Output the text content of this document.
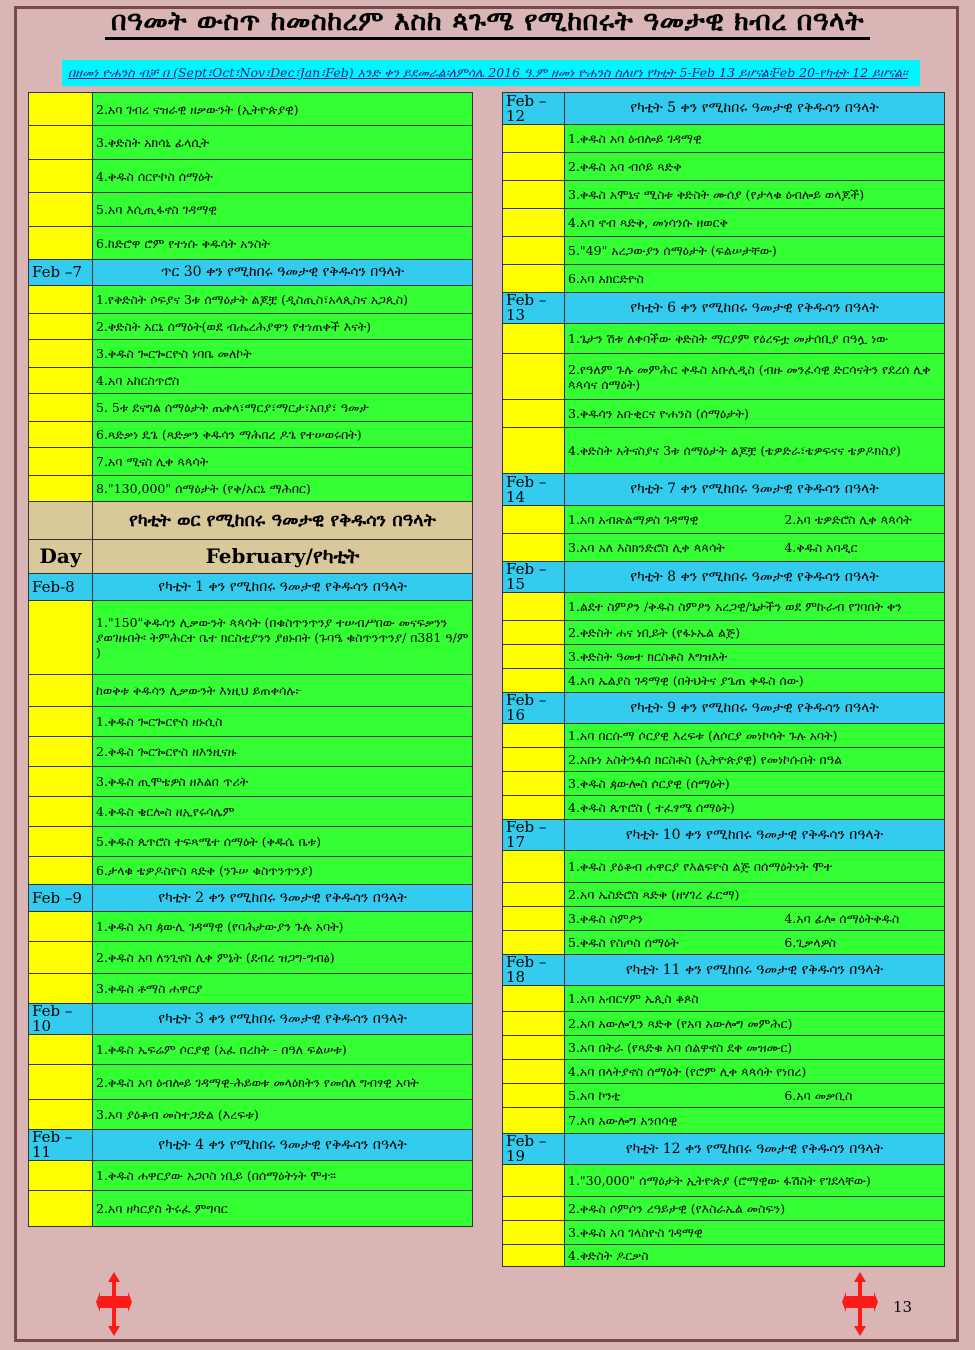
በዓመት ውስጥ ከመስከረም እስከ ጳጉሜ የሚከበሩት ዓመታዊ ክብረ በዓላት
በዘመነ ዮሐንስ ብቻ በ (Sept፣Oct፣Nov፣Dec፣Jan፣Feb) አንድ ቀን ይደመራል፡ለምሳሌ 2016 ዓ.ም ዘመነ ዮሐንስ ስለሆነ የካቲት 5-Feb 13 ይሆናል፡Feb 20-የካቲት 12 ይሆናል።
	2.አባ ገብረ ናዝራዊ ዘቃውንት (ኢትዮጵያዊ)
	3.ቅድስት አክሳኒ ፊላሲት
	4.ቅዱስ ሰርዮኮስ ሰማዕት
	5.አባ እሲጢፋኖስ ገዳማዊ
	6.ከድሮዋ ሮም የተነሱ ቅዱሳት አንስት
Feb –7	ጥር 30 ቀን የሚከበሩ ዓመታዊ የቅዱሳን በዓላት
	1.የቅድስት ሶፍያና 3ቱ ሰማዕታት ልጆቿ (ዲስጢስ፣አላጲስና አጋጲስ)
	2.ቅድስት አርኒ ሰማዕት(ወደ ብሔረሕያዋን የተነጠቀች እናት)
	3.ቅዱስ ጐርጐርዮስ ነባቤ መለኮት
	4.አባ አከርስጥሮስ
	5. 5ቱ ደናግል ሰማዕታት ጤቅላ፣ማርያ፣ማርታ፣አበያ፣ ዓመታ
	6.ጻድቃነ ዴጌ (ጻድቃን ቅዱሳን ማሕበረ ዶጌ የተሠወሩበት)
	7.አባ ሚናስ ሊቀ ጳጳሳት
	8."130,000" ሰማዕታት (የቅ/አርኒ ማሕበር)
	የካቲት ወር የሚከበሩ ዓመታዊ የቅዱሳን በዓላት
Day	February/የካቲት
Feb-8	የካቲት 1 ቀን የሚከበሩ ዓመታዊ የቅዱሳን በዓላት
	1."150"ቅዱሳን ሊቃውንት ጳጳሳት (በቁስጥንጥንያ ተሠብሥበው መናፍቃንን ያወገዙበት፡ ትምሕርተ ቤተ ክርስቲያንን ያፀኑበት (ጉባዔ ቁስጥንጥንያ/ በ381 ዓ/ም )
	ከወቅቱ ቅዱሳን ሊቃውንት እነዚህ ይጠቀሳሉ፦
	1.ቅዱስ ጐርጐርዮስ ዘኑሲስ
	2.ቅዱስ ጐርጐርዮስ ዘእንዚናዙ
	3.ቅዱስ ጢሞቴዎስ ዘእልበ ጥሪት
	4.ቅዱስ ቄርሎስ ዘኢየሩሳሌም
	5.ቅዱስ ጴጥሮስ ተፍጻሜተ ሰማዕት (ቅዱሴ ቤቱ)
	6.ታላቁ ቴዎዶስዮስ ጻድቅ (ንጉሠ ቁስጥንጥንያ)
Feb –9	የካቲት 2 ቀን የሚከበሩ ዓመታዊ የቅዱሳን በዓላት
	1.ቅዱስ አባ ዻውሊ ገዳማዊ (የባሕታውያን ጉሉ አባት)
	2.ቅዱስ አባ ለንጊኖስ ሊቀ ምኔት (ደብረ ዝጋግ-ግብፅ)
	3.ቅዱስ ቶማስ ሐዋርያ
Feb –10	የካቲት 3 ቀን የሚከበሩ ዓመታዊ የቅዱሳን በዓላት
	1.ቅዱስ ኤፍሬም ሶርያዊ (አፈ በረከት - በዓለ ፍልሠቱ)
	2.ቅዱስ አባ ዕብሎይ ገዳማዊ-ሕይወቱ መላዕክትን የመሰለ ግብፃዊ አባት
	3.አባ ያዕቆብ መስተጋድል (እረፍቱ)
Feb –11	የካቲት 4 ቀን የሚከበሩ ዓመታዊ የቅዱሳን በዓላት
	1.ቅዱስ ሐዋርያው አጋቦስ ነቢይ (በሰማዕትነት ሞተ።
	2.አባ ዘካርያስ ትሩፈ ምግባር
Feb –12	የካቲት 5 ቀን የሚከበሩ ዓመታዊ የቅዱሳን በዓላት
	1.ቅዱስ አባ ዕብሎይ ገዳማዊ
	2.ቅዱስ አባ ብሶይ ጻድቅ
	3.ቅዱስ አሞኒና ሚስቱ ቅድስት ሙሰያ (የታላቁ ዕብሎይ ወላጆች)
	4.አባ ኖብ ጻድቅ, መነሳንሱ ዘወርቅ
	5."49" አረጋውያን ሰማዕታት (ፍልሠታቸው)
	6.አባ አክርድዮስ
Feb –13	የካቲት 6 ቀን የሚከበሩ ዓመታዊ የቅዱሳን በዓላት
	1.ጌታን ሽቱ ለቀባችው ቅድስት ማርያም የዕረፍቷ መታሰቢያ በዓሏ ነው
	2.የዓለም ጉሉ መምሕር ቅዱስ አቡሊዲስ (ብዙ መንፈሳዊ ድርሳናትን የደረሰ ሊቀ ጳጳሳና ሰማዕት)
	3.ቅዱሳን አቡቂርና ዮሐንስ (ሰማዕታት)
	4.ቅድስት አትናስያና 3ቱ ሰማዕታት ልጆቿ (ቴዎድራ፣ቴዎፍናና ቴዎዶክስያ)
Feb –14	የካቲት 7 ቀን የሚከበሩ ዓመታዊ የቅዱሳን በዓላት
	1.አባ አብጽልማዎስ ገዳማዊ 2.አባ ቴዎድሮስ ሊቀ ጳጳሳት
	3.አባ አለ እስክንድሮስ ሊቀ ጳጳሳት 4.ቅዱስ አባዲር
Feb –15	የካቲት 8 ቀን የሚከበሩ ዓመታዊ የቅዱሳን በዓላት
	1.ልደተ ስምዖን /ቅዱስ ስምዖን አረጋዊ/ጌታችን ወደ ምኩራብ የገባበት ቀን
	2.ቅድስት ሐና ነቢይት (የፋኑኤል ልጅ)
	3.ቅድስት ዓመተ ክርስቶስ እግዝእት
	4.አባ ኤልያስ ገዳማዊ (በትህትና ያጌጠ ቅዱስ ሰው)
Feb –16	የካቲት 9 ቀን የሚከበሩ ዓመታዊ የቅዱሳን በዓላት
	1.አባ በርሱማ ሶርያዊ እረፍቱ (ለሶርያ መነኮሳት ጉሉ አባት)
	2.አቡነ አስትንፋሰ ክርስቶስ (ኢትዮጵያዊ) የመነኮሱበት በዓል
	3.ቅዱስ ዻውሎስ ሶርያዊ (ሰማዕት)
	4.ቅዱስ ጴጥሮስ ( ተፈፃሜ ሰማዕት)
Feb –17	የካቲት 10 ቀን የሚከበሩ ዓመታዊ የቅዱሳን በዓላት
	1.ቅዱስ ያዕቆብ ሐዋርያ የእልፍዮስ ልጅ በሰማዕትነት ሞተ
	2.አባ ኤስድሮስ ጻድቅ (ዘሃገረ ፈርማ)
	3.ቅዱስ ስምዖን 4.አባ ፊሎ ሰማዕትቅዱስ
	5.ቅዱስ የስጦስ ሰማዕት 6.ጊቃላዎስ
Feb –18	የካቲት 11 ቀን የሚከበሩ ዓመታዊ የቅዱሳን በዓላት
	1.አባ አብርሃም ኤጲስ ቆጶስ
	2.አባ አውሎጊን ጻድቅ (የአባ አውሎግ መምሕር)
	3.አባ በትራ (የጻድቁ አባ ሰልዋኖስ ደቀ መዝሙር)
	4.አባ በላትያኖስ ሰማዕት (የሮም ሊቀ ጳጳሳት የነበረ)
	5.አባ ኮንቲ 6.አባ መቃቢስ
	7.አባ አውሎግ አንበሳዊ
Feb –19	የካቲት 12 ቀን የሚከበሩ ዓመታዊ የቅዱሳን በዓላት
	1."30,000" ሰማዕታት ኢትዮጵያ (ሮማዊው ፋሽስት የገደላቸው)
	2.ቅዱስ ሶምሶን ረዓይታዊ (የእስራኤል መስፍን)
	3.ቅዱስ አባ ገላስዮስ ገዳማዊ
	4.ቅድስት ዶርቃስ
13
